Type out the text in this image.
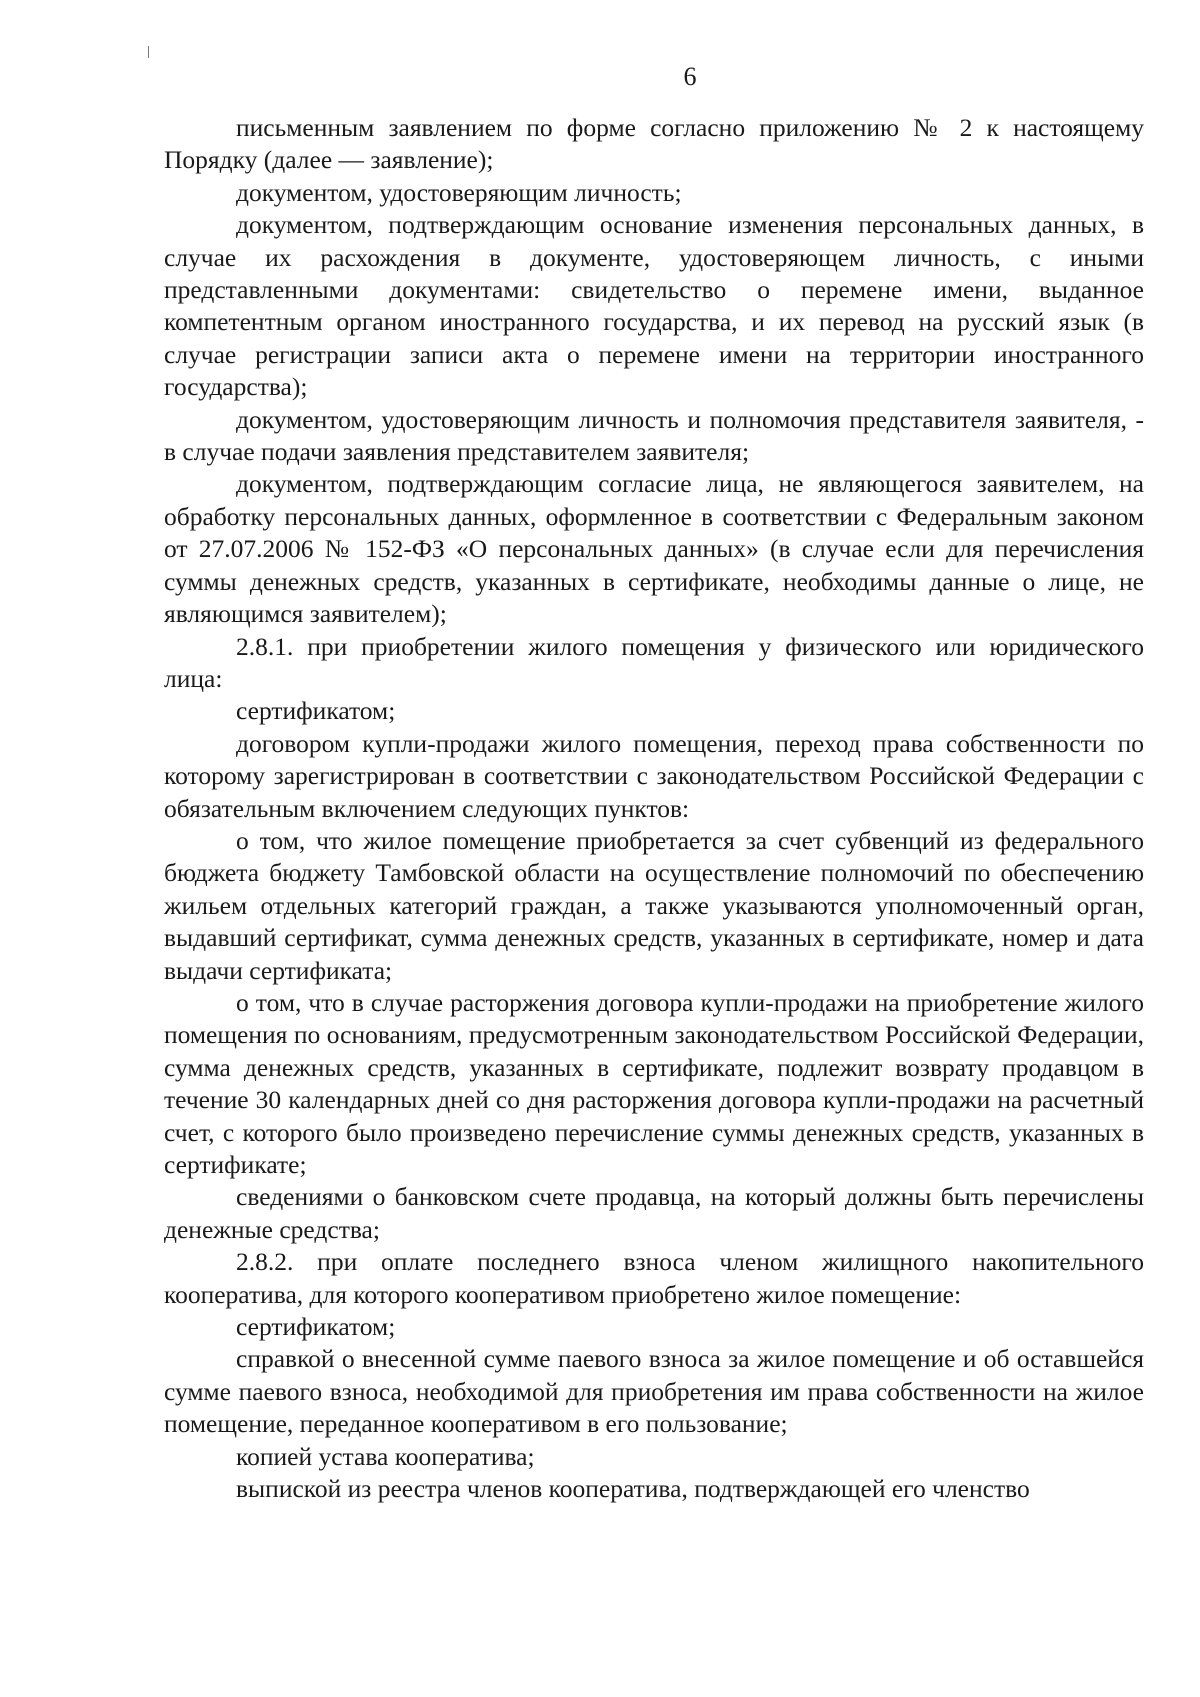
6

письменным заявлением по форме согласно приложению № 2 к настоящему Порядку (далее — заявление);

документом, удостоверяющим личность;

документом, подтверждающим основание изменения персональных данных, в случае их расхождения в документе, удостоверяющем личность, с иными представленными документами: свидетельство о перемене имени, выданное компетентным органом иностранного государства, и их перевод на русский язык (в случае регистрации записи акта о перемене имени на территории иностранного государства);

документом, удостоверяющим личность и полномочия представителя заявителя, - в случае подачи заявления представителем заявителя;

документом, подтверждающим согласие лица, не являющегося заявителем, на обработку персональных данных, оформленное в соответствии с Федеральным законом от 27.07.2006 № 152-ФЗ «О персональных данных» (в случае если для перечисления суммы денежных средств, указанных в сертификате, необходимы данные о лице, не являющимся заявителем);

2.8.1. при приобретении жилого помещения у физического или юридического лица:

сертификатом;

договором купли-продажи жилого помещения, переход права собственности по которому зарегистрирован в соответствии с законодательством Российской Федерации с обязательным включением следующих пунктов:

о том, что жилое помещение приобретается за счет субвенций из федерального бюджета бюджету Тамбовской области на осуществление полномочий по обеспечению жильем отдельных категорий граждан, а также указываются уполномоченный орган, выдавший сертификат, сумма денежных средств, указанных в сертификате, номер и дата выдачи сертификата;

о том, что в случае расторжения договора купли-продажи на приобретение жилого помещения по основаниям, предусмотренным законодательством Российской Федерации, сумма денежных средств, указанных в сертификате, подлежит возврату продавцом в течение 30 календарных дней со дня расторжения договора купли-продажи на расчетный счет, с которого было произведено перечисление суммы денежных средств, указанных в сертификате;

сведениями о банковском счете продавца, на который должны быть перечислены денежные средства;

2.8.2. при оплате последнего взноса членом жилищного накопительного кооператива, для которого кооперативом приобретено жилое помещение:

сертификатом;

справкой о внесенной сумме паевого взноса за жилое помещение и об оставшейся сумме паевого взноса, необходимой для приобретения им права собственности на жилое помещение, переданное кооперативом в его пользование;

копией устава кооператива;

выпиской из реестра членов кооператива, подтверждающей его членство
